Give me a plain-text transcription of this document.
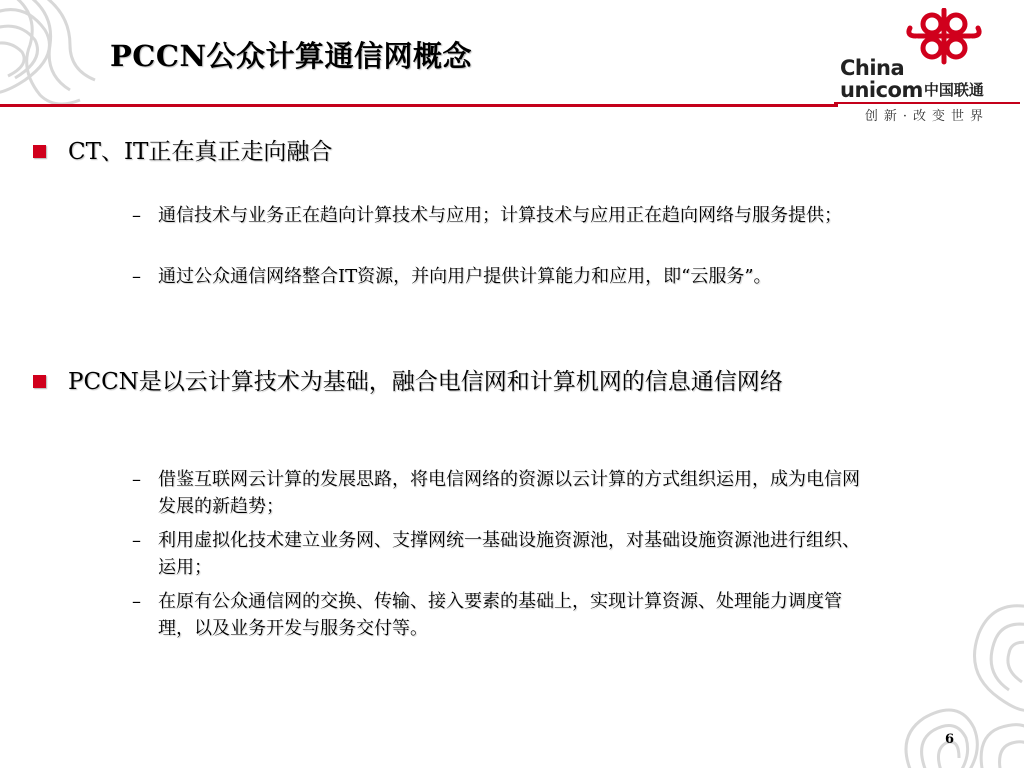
PCCN公众计算通信网概念	China
unicom中国联通
创新·改变世界
CT、IT正在真正走向融合
– 通信技术与业务正在趋向计算技术与应用；计算技术与应用正在趋向网络与服务提供；
– 通过公众通信网络整合IT资源，并向用户提供计算能力和应用，即“云服务”。
PCCN是以云计算技术为基础，融合电信网和计算机网的信息通信网络
– 借鉴互联网云计算的发展思路，将电信网络的资源以云计算的方式组织运用，成为电信网发展的新趋势；
– 利用虚拟化技术建立业务网、支撑网统一基础设施资源池，对基础设施资源池进行组织、运用；
– 在原有公众通信网的交换、传输、接入要素的基础上，实现计算资源、处理能力调度管理，以及业务开发与服务交付等。
6
